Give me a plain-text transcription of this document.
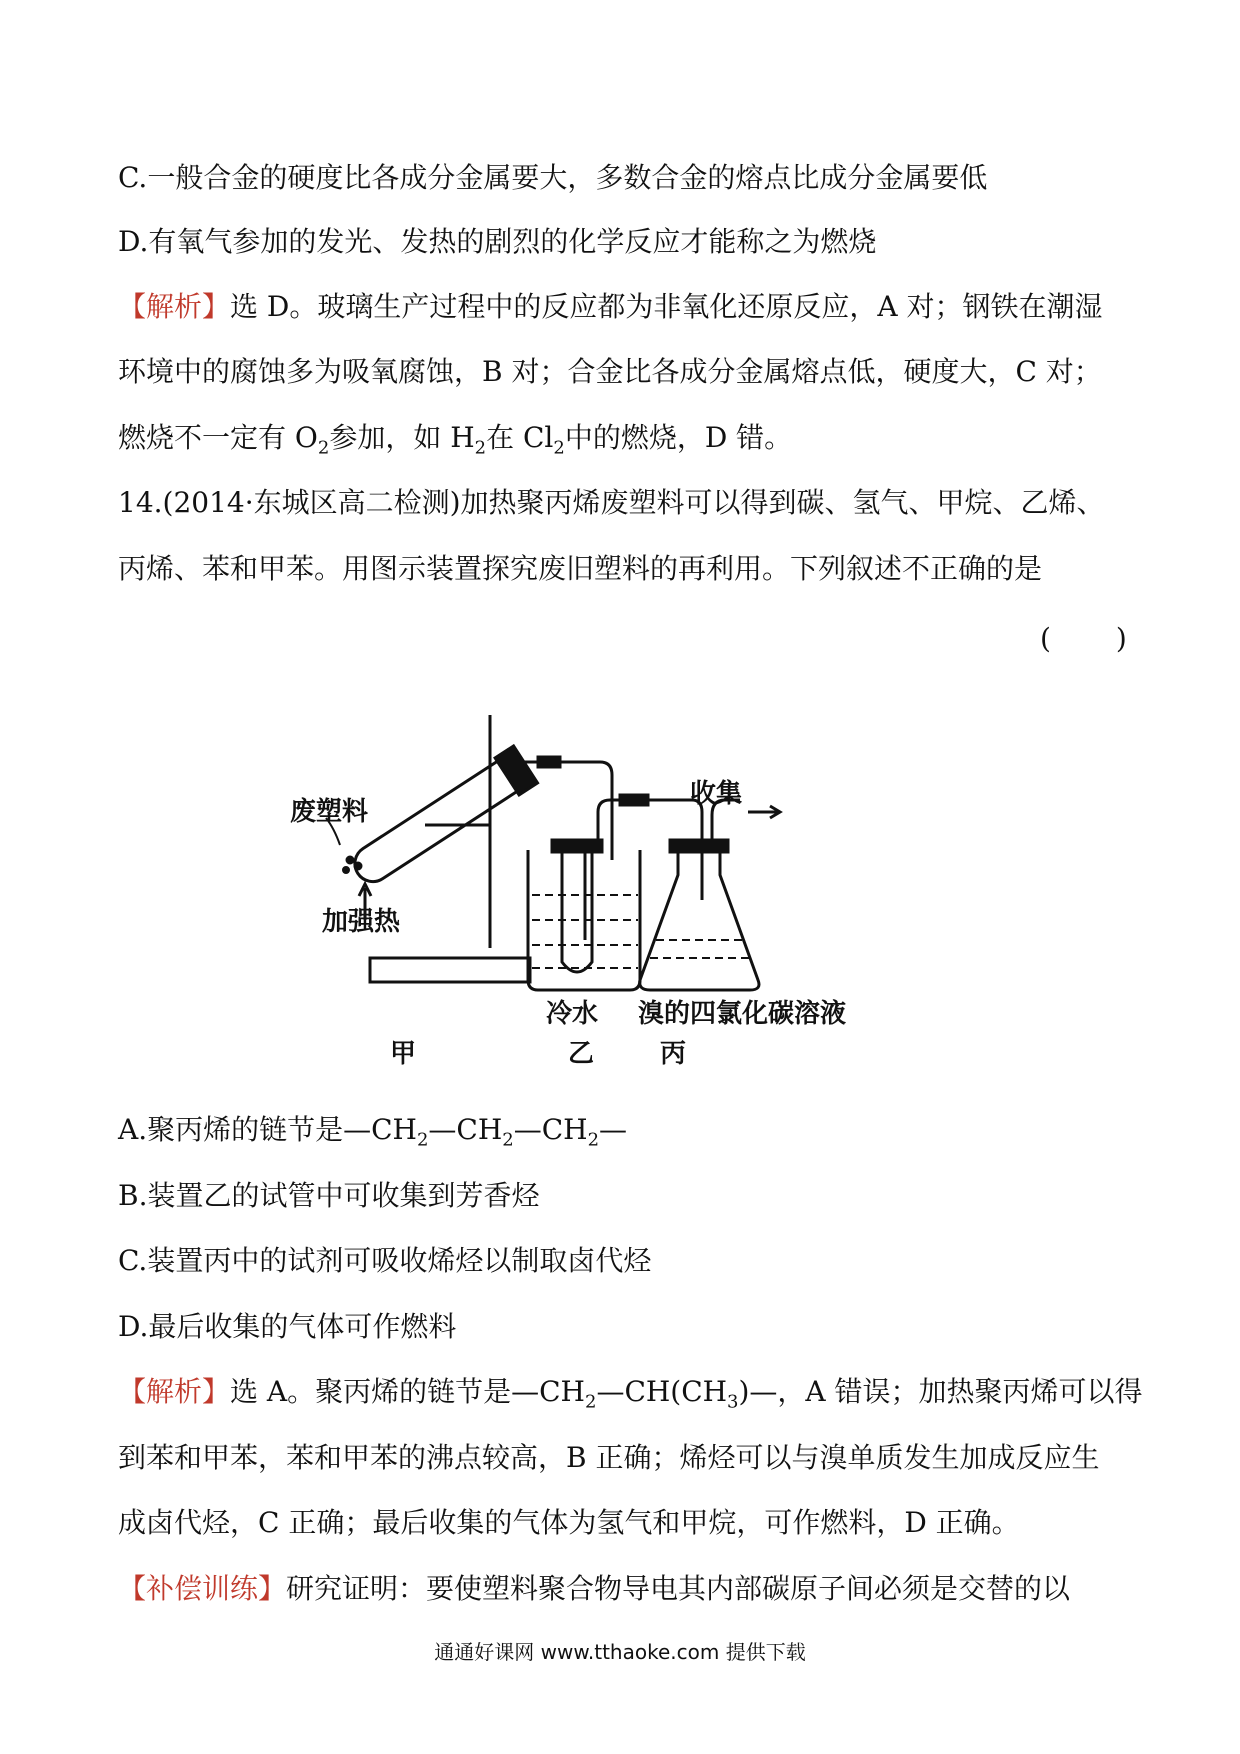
C.一般合金的硬度比各成分金属要大，多数合金的熔点比成分金属要低
D.有氧气参加的发光、发热的剧烈的化学反应才能称之为燃烧
【解析】选 D。玻璃生产过程中的反应都为非氧化还原反应，A 对；钢铁在潮湿
环境中的腐蚀多为吸氧腐蚀，B 对；合金比各成分金属熔点低，硬度大，C 对；
燃烧不一定有 $O_2$参加，如 $H_2$在 $Cl_2$中的燃烧，D 错。
14.(2014·东城区高二检测)加热聚丙烯废塑料可以得到碳、氢气、甲烷、乙烯、
丙烯、苯和甲苯。用图示装置探究废旧塑料的再利用。下列叙述不正确的是
( )
废塑料
加强热
收集
冷水 溴的四氯化碳溶液
甲	乙	丙
A.聚丙烯的链节是$—CH_2—CH_2—CH_2—$
B.装置乙的试管中可收集到芳香烃
C.装置丙中的试剂可吸收烯烃以制取卤代烃
D.最后收集的气体可作燃料
【解析】选 A。聚丙烯的链节是$—CH_2—CH(CH_3)—$，A 错误；加热聚丙烯可以得
到苯和甲苯，苯和甲苯的沸点较高，B 正确；烯烃可以与溴单质发生加成反应生
成卤代烃，C 正确；最后收集的气体为氢气和甲烷，可作燃料，D 正确。
【补偿训练】研究证明：要使塑料聚合物导电其内部碳原子间必须是交替的以
通通好课网 www.tthaoke.com 提供下载
